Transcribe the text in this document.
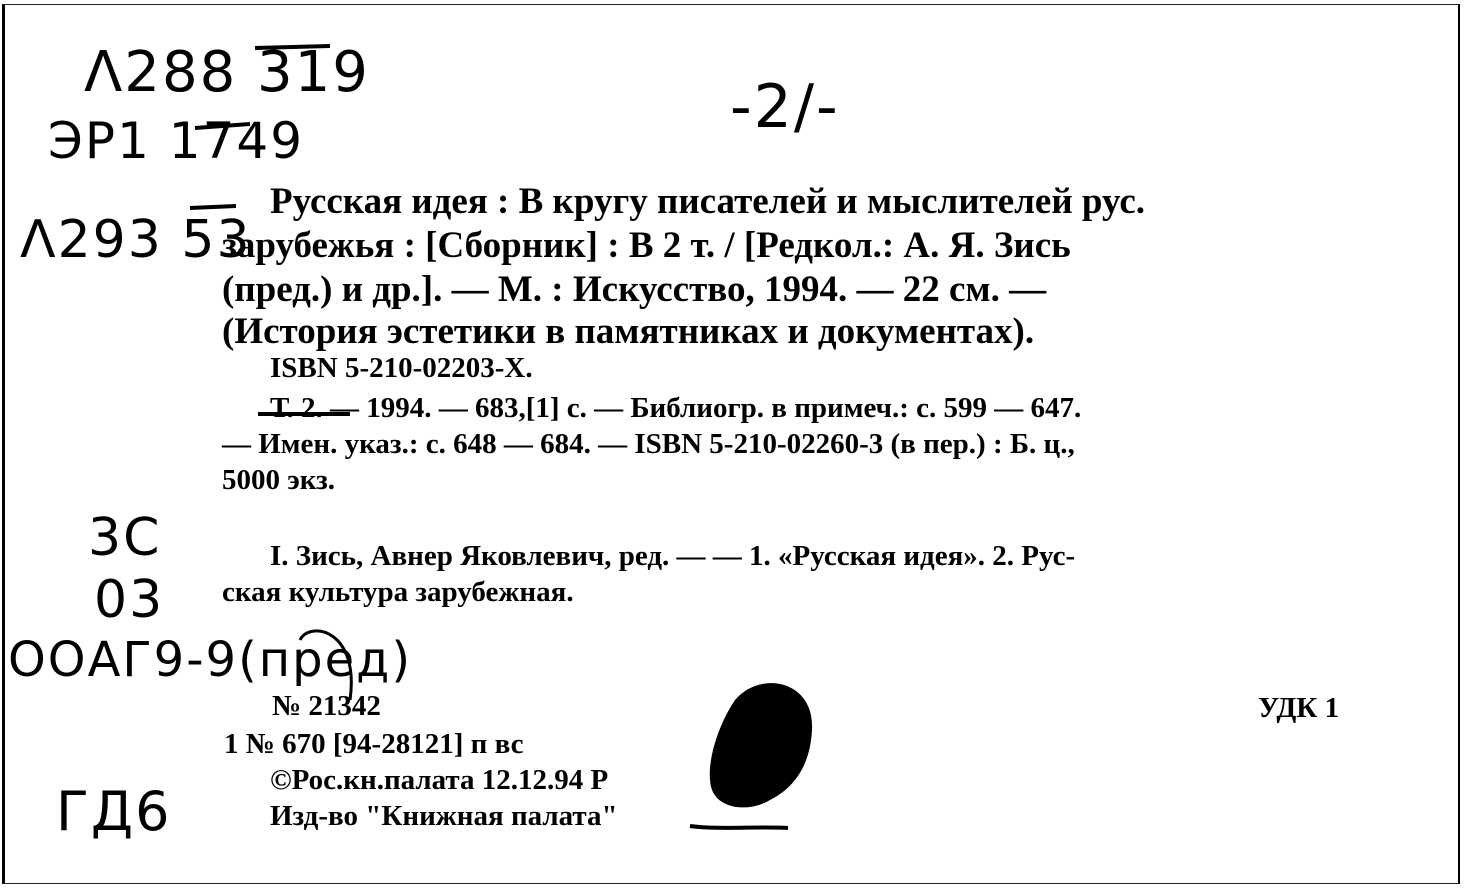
Λ288 319
ЭР1 1749
Λ293 53
-2/-
3С
03
ООАГ9-9(пред)
ГД6
Русская идея : В кругу писателей и мыслителей рус.
зарубежья : [Сборник] : В 2 т. / [Редкол.: А. Я. Зись
(пред.) и др.]. — М. : Искусство, 1994. — 22 см. —
(История эстетики в памятниках и документах).
ISBN 5-210-02203-Х.
Т. 2. — 1994. — 683,[1] с. — Библиогр. в примеч.: с. 599 — 647.
— Имен. указ.: с. 648 — 684. — ISBN 5-210-02260-3 (в пер.) : Б. ц.,
5000 экз.
I. Зись, Авнер Яковлевич, ред. — — 1. «Русская идея». 2. Рус-
ская культура зарубежная.
№ 21342
1 № 670 [94-28121] п вс
©Рос.кн.палата 12.12.94 Р
Изд-во "Книжная палата"
УДК 1
